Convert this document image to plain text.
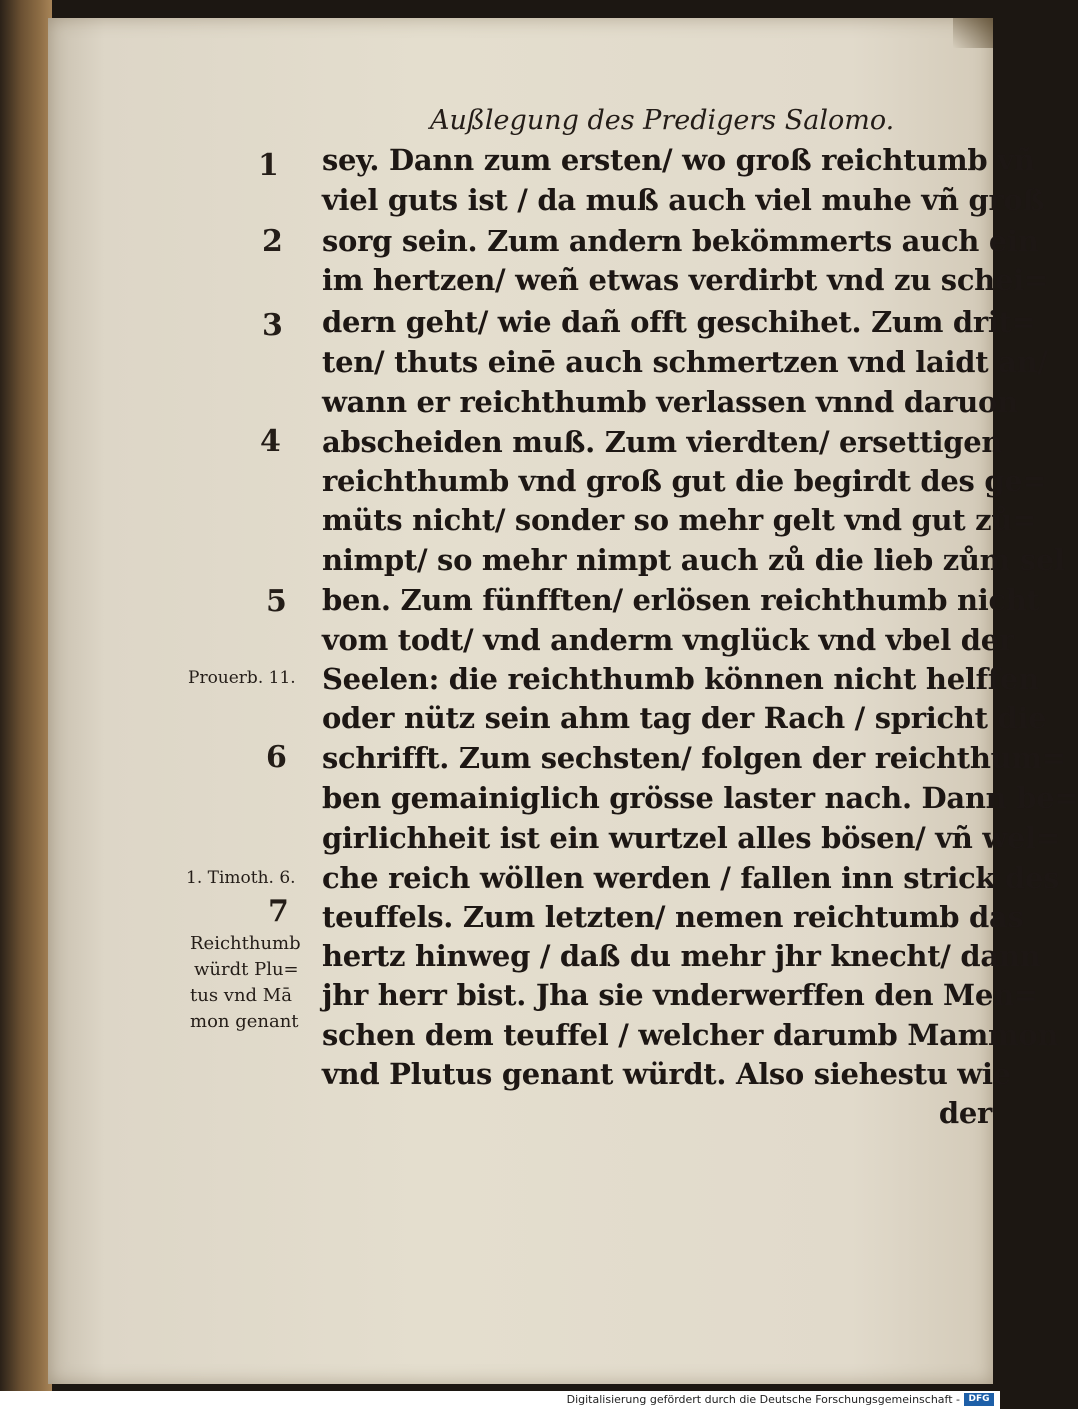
Außlegung des Predigers Salomo.
sey. Dann zum ersten/ wo groß reichtumb vñ
viel guts ist / da muß auch viel muhe vñ groß
sorg sein. Zum andern bekömmerts auch ein
im hertzen/ weñ etwas verdirbt vnd zu schei=
dern geht/ wie dañ offt geschihet. Zum drit=
ten/ thuts einē auch schmertzen vnd laidt an/
wann er reichthumb verlassen vnnd daruon
abscheiden muß. Zum vierdten/ ersettigen
reichthumb vnd groß gut die begirdt des ge=
müts nicht/ sonder so mehr gelt vnd gut zů=
nimpt/ so mehr nimpt auch zů die lieb zům sel
ben. Zum fünfften/ erlösen reichthumb nicht
vom todt/ vnd anderm vnglück vnd vbel der
Seelen: die reichthumb können nicht helffen
oder nütz sein ahm tag der Rach / spricht die
schrifft. Zum sechsten/ folgen der reichthum=
ben gemainiglich grösse laster nach. Dann be=
girlichheit ist ein wurtzel alles bösen/ vñ wel=
che reich wöllen werden / fallen inn strick des
teuffels. Zum letzten/ nemen reichtumb das
hertz hinweg / daß du mehr jhr knecht/ dann
jhr herr bist. Jha sie vnderwerffen den Men=
schen dem teuffel / welcher darumb Mammon
vnd Plutus genant würdt. Also siehestu wie
der
1
2
3
4
5
6
7
Prouerb. 11.
1. Timoth. 6.
Reichthumb
würdt Plu=
tus vnd Mā
mon genant
Digitalisierung gefördert durch die Deutsche Forschungsgemeinschaft - DFG
